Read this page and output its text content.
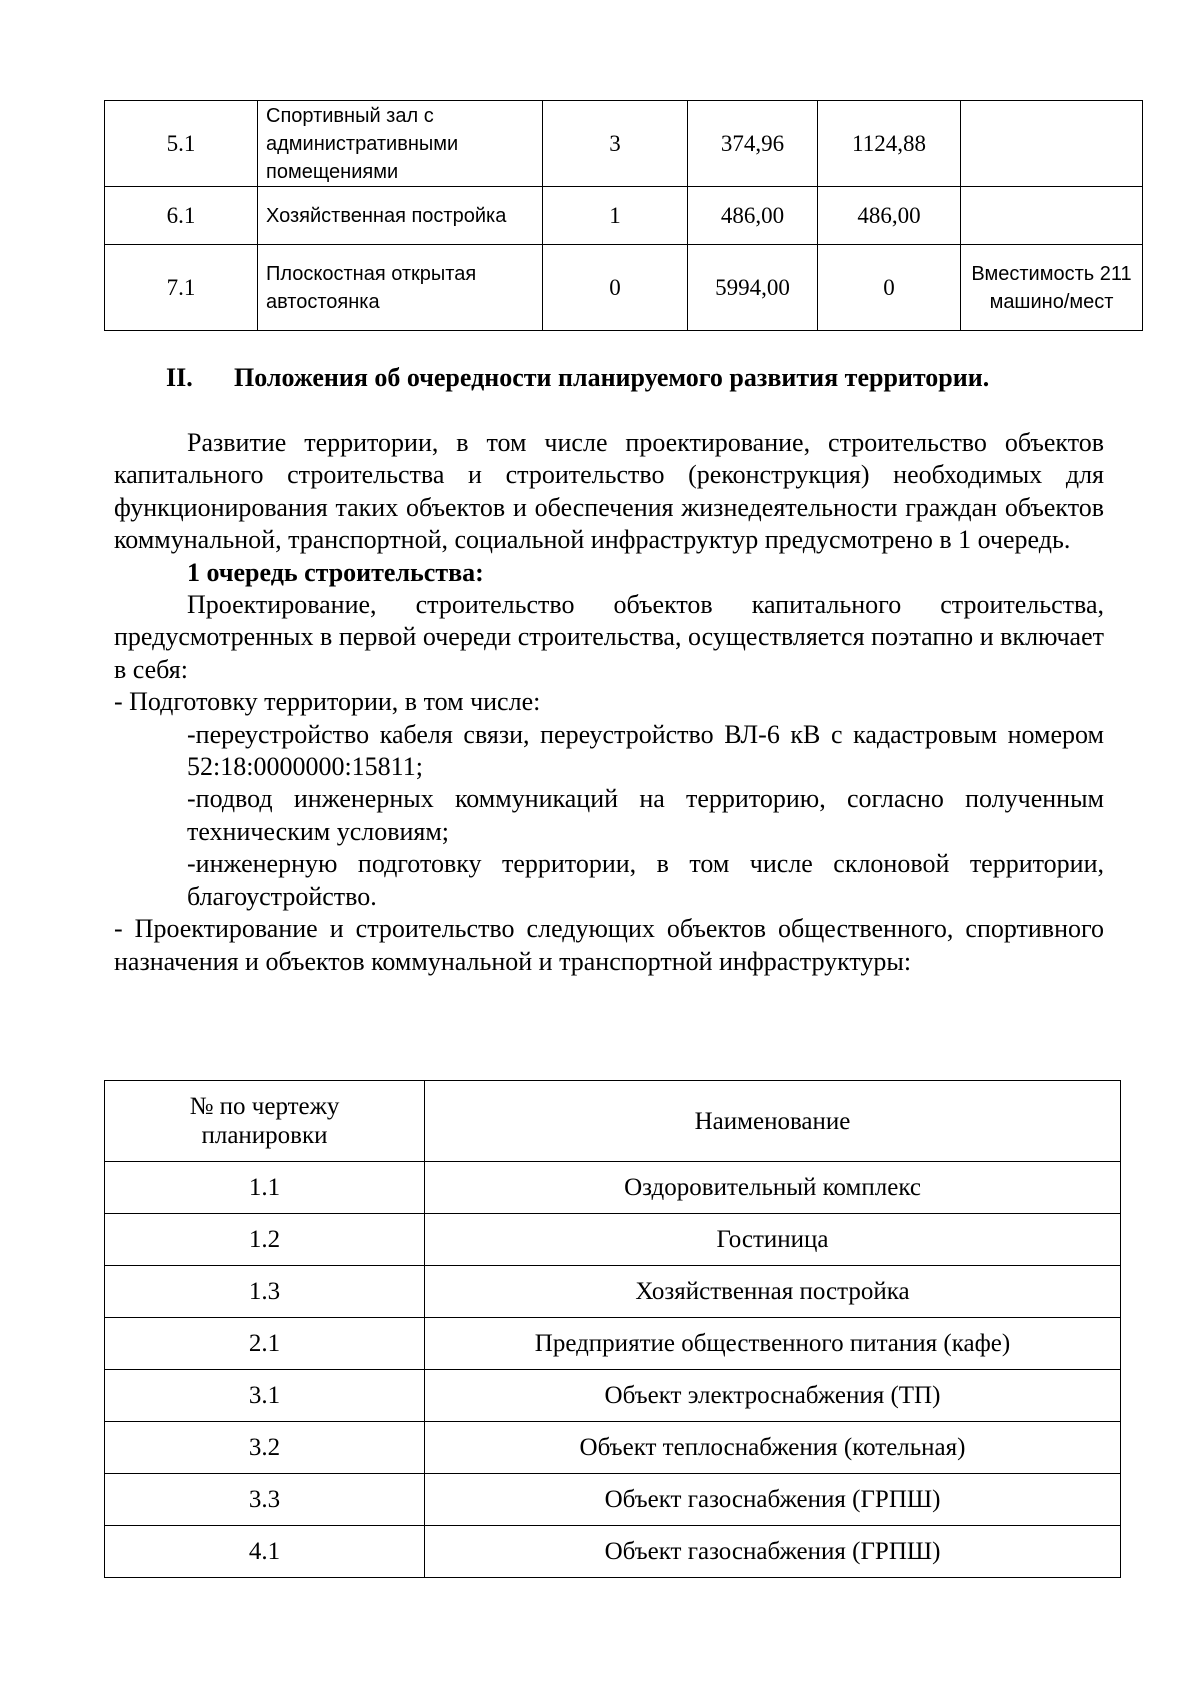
5.1	Спортивный зал с административными помещениями	3	374,96	1124,88	
6.1	Хозяйственная постройка	1	486,00	486,00	
7.1	Плоскостная открытая автостоянка	0	5994,00	0	Вместимость 211 машино/мест
II. Положения об очередности планируемого развития территории.

Развитие территории, в том числе проектирование, строительство объектов капитального строительства и строительство (реконструкция) необходимых для функционирования таких объектов и обеспечения жизнедеятельности граждан объектов коммунальной, транспортной, социальной инфраструктур предусмотрено в 1 очередь.

1 очередь строительства:

Проектирование, строительство объектов капитального строительства, предусмотренных в первой очереди строительства, осуществляется поэтапно и включает в себя:

- Подготовку территории, в том числе:

-переустройство кабеля связи, переустройство ВЛ-6 кВ с кадастровым номером 52:18:0000000:15811;

-подвод инженерных коммуникаций на территорию, согласно полученным техническим условиям;

-инженерную подготовку территории, в том числе склоновой территории, благоустройство.

- Проектирование и строительство следующих объектов общественного, спортивного назначения и объектов коммунальной и транспортной инфраструктуры:

№ по чертежу планировки	Наименование
1.1	Оздоровительный комплекс
1.2	Гостиница
1.3	Хозяйственная постройка
2.1	Предприятие общественного питания (кафе)
3.1	Объект электроснабжения (ТП)
3.2	Объект теплоснабжения (котельная)
3.3	Объект газоснабжения (ГРПШ)
4.1	Объект газоснабжения (ГРПШ)
